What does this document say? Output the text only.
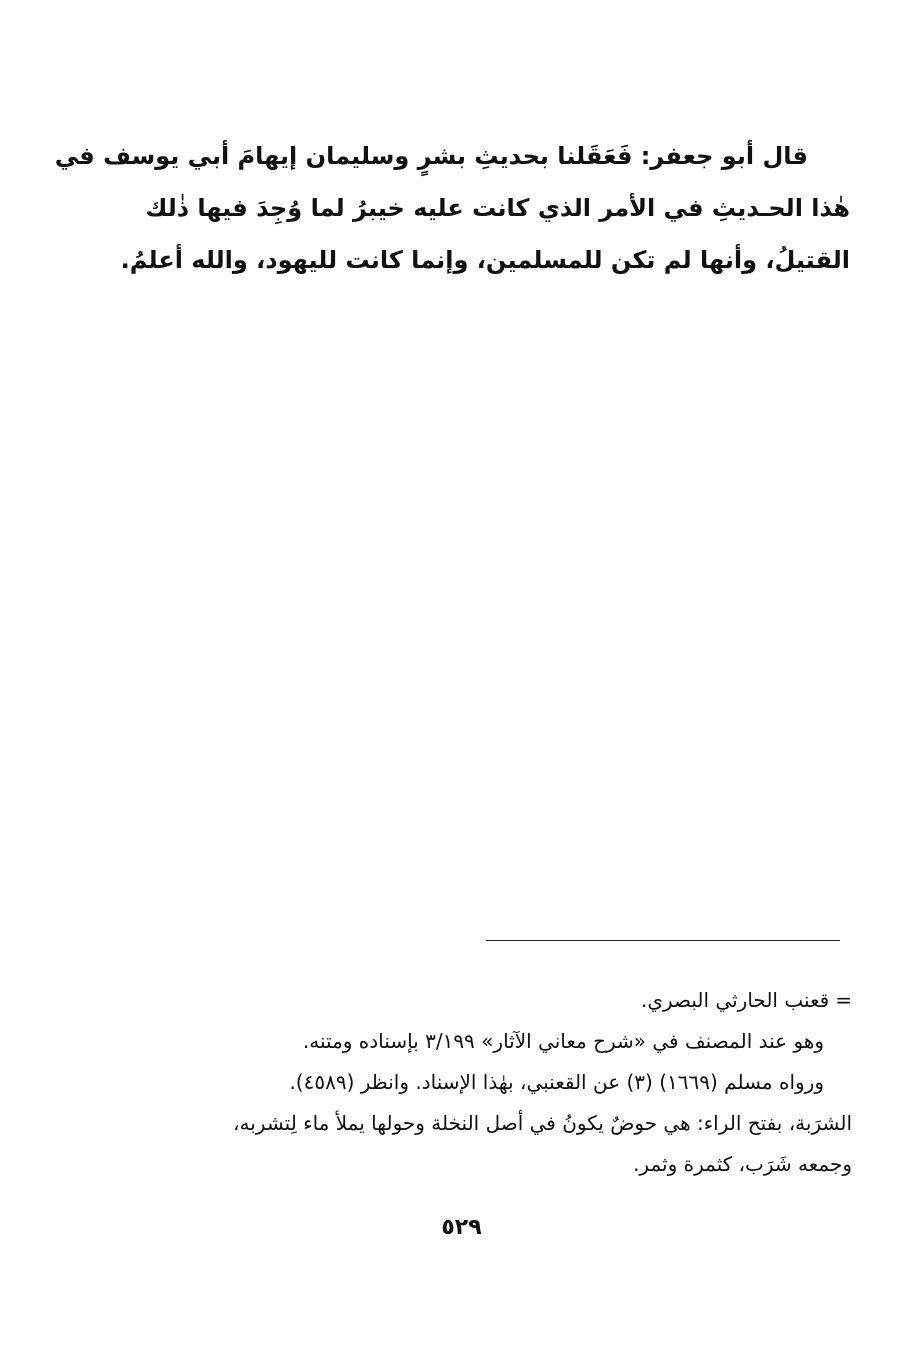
قال أبو جعفر: فَعَقَلنا بحديثِ بشرٍ وسليمان إيهامَ أبي يوسف في
هٰذا الحـديثِ في الأمر الذي كانت عليه خيبرُ لما وُجِدَ فيها ذٰلك
القتيلُ، وأنها لم تكن للمسلمين، وإنما كانت لليهود، والله أعلمُ.
=قعنب الحارثي البصري.
وهو عند المصنف في «شرح معاني الآثار» ٣/١٩٩ بإسناده ومتنه.
ورواه مسلم (١٦٦٩) (٣) عن القعنبي، بهٰذا الإسناد. وانظر (٤٥٨٩).
الشرَبة، بفتح الراء: هي حوضٌ يكونُ في أصل النخلة وحولها يملأ ماء لِتشربه،
وجمعه شَرَب، كثمرة وثمر.
٥٢٩
